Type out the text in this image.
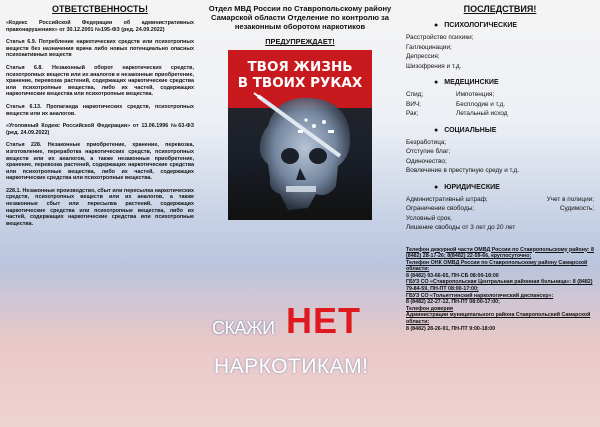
ОТВЕТСТВЕННОСТЬ!

«Кодекс Российской Федерации об административных правонарушениях» от 30.12.2001 №195-ФЗ (ред. 24.09.2022)

Статья 6.9. Потребление наркотических средств или психотропных веществ без назначения врача либо новых потенциально опасных психоактивных веществ

Статья 6.8. Незаконный оборот наркотических средств, психотропных веществ или их аналогов и незаконные приобретение, хранение, перевозка растений, содержащих наркотические средства или психотропные вещества, либо их частей, содержащих наркотические вещества или психотропные вещества.

Статья 6.13. Пропаганда наркотических средств, психотропных веществ или их аналогов.

«Уголовный Кодекс Российской Федерации» от 13.06.1996 №63-ФЗ (ред. 24.09.2022)

Статья 228. Незаконные приобретение, хранение, перевозка, изготовление, переработка наркотических средств, психотропных веществ или их аналогов, а также незаконные приобретение, хранение, перевозка растений, содержащих наркотические средства или психотропные вещества, либо их частей, содержащих наркотические средства или психотропные вещества.

228.1. Незаконные производство, сбыт или пересылка наркотических средств, психотропных веществ или их аналогов, а также незаконные сбыт или пересылка растений, содержащих наркотические средства или психотропные вещества, либо их частей, содержащих наркотические средства или психотропные вещества.

Отдел МВД России по Ставропольскому району Самарской области Отделение по контролю за незаконным оборотом наркотиков
ПРЕДУПРЕЖДАЕТ!
ТВОЯ ЖИЗНЬ
В ТВОИХ РУКАХ
СКАЖИ НЕТ
НАРКОТИКАМ!
ПОСЛЕДСТВИЯ!
● ПСИХОЛОГИЧЕСКИЕ
Расстройство психики;
Галлюцинации;
Депрессия;
Шизофрения и т.д.
● МЕДЕЦИНСКИЕ
Спид;	Импотенция;
ВИЧ;	Бесплодие и т.д.
Рак;	Летальный исход
● СОЦИАЛЬНЫЕ
Безработица;
Отступие благ;
Одиночество;
Вовлечение в преступную среду и т.д.
● ЮРИДИЧЕСКИЕ
Административный штраф;	Учет в полиции;
Ограничение свободы;	Судимость;
Условный срок,
Лишение свободы от 3 лет до 20 лет

Телефон дежурной части ОМВД России по Ставропольскому району: 8 (8482) 28-17-26; 8(8482) 22-59-66, круглосуточно;

Телефон ОНК ОМВД России по Ставропольскому району Самарской области:

8 (8482) 93-66-65, ПН-СБ 08:00-18:00

ГБУЗ СО «Ставропольская Центральная районная больница»: 8 (8482) 79-84-59, ПН-ПТ 08:00-17:00;

ГБУЗ СО «Тольяттинский наркологический диспансер»:

8 (8482) 22-27-12, ПН-ПТ 08:00-17:00;

Телефон доверия

Администрации муниципального района Ставропольский Самарской области:

8 (8482) 28-26-91, ПН-ПТ 9:00-18:00
